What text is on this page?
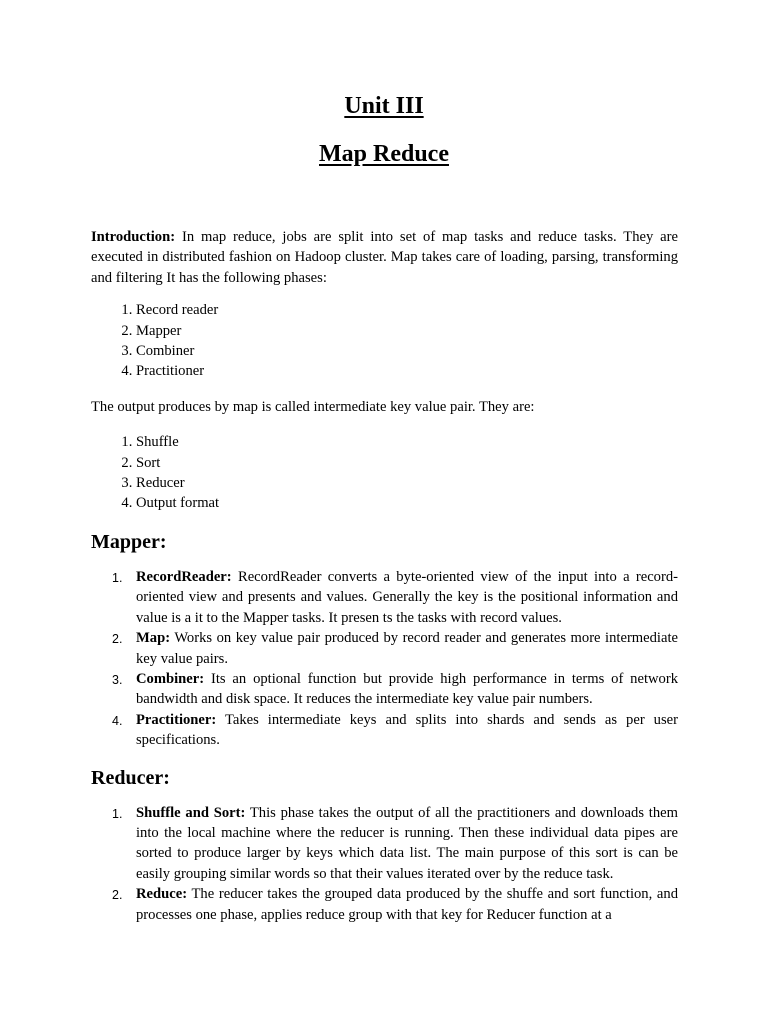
Unit III
Map Reduce

Introduction: In map reduce, jobs are split into set of map tasks and reduce tasks. They are executed in distributed fashion on Hadoop cluster. Map takes care of loading, parsing, transforming and filtering It has the following phases:

1. Record reader
2. Mapper
3. Combiner
4. Practitioner

The output produces by map is called intermediate key value pair. They are:

1. Shuffle
2. Sort
3. Reducer
4. Output format
Mapper:
1. RecordReader: RecordReader converts a byte-oriented view of the input into a record-oriented view and presents and values. Generally the key is the positional information and value is a it to the Mapper tasks. It presen ts the tasks with record values.
2. Map: Works on key value pair produced by record reader and generates more intermediate key value pairs.
3. Combiner: Its an optional function but provide high performance in terms of network bandwidth and disk space. It reduces the intermediate key value pair numbers.
4. Practitioner: Takes intermediate keys and splits into shards and sends as per user specifications.
Reducer:
1. Shuffle and Sort: This phase takes the output of all the practitioners and downloads them into the local machine where the reducer is running. Then these individual data pipes are sorted to produce larger by keys which data list. The main purpose of this sort is can be easily grouping similar words so that their values iterated over by the reduce task.
2. Reduce: The reducer takes the grouped data produced by the shuffe and sort function, and processes one phase, applies reduce group with that key for Reducer function at a
